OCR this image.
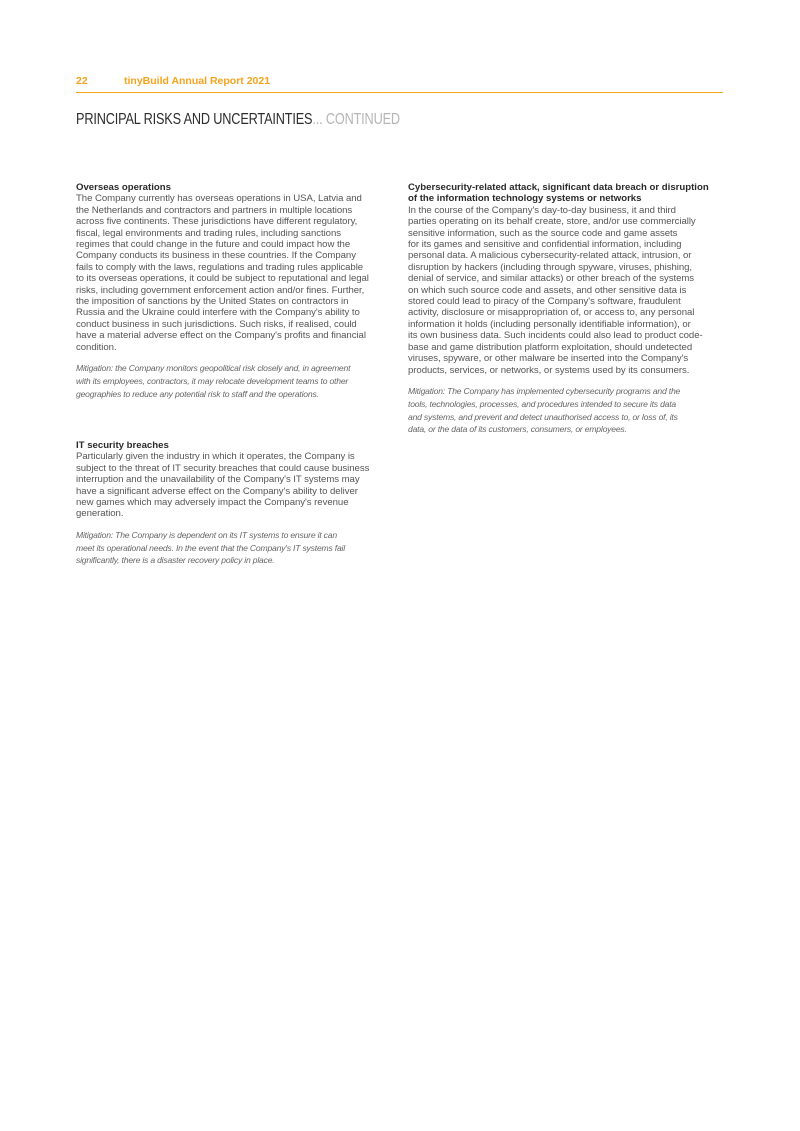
22	tinyBuild Annual Report 2021
PRINCIPAL RISKS AND UNCERTAINTIES... CONTINUED
Overseas operations
The Company currently has overseas operations in USA, Latvia and
the Netherlands and contractors and partners in multiple locations
across five continents. These jurisdictions have different regulatory,
fiscal, legal environments and trading rules, including sanctions
regimes that could change in the future and could impact how the
Company conducts its business in these countries. If the Company
fails to comply with the laws, regulations and trading rules applicable
to its overseas operations, it could be subject to reputational and legal
risks, including government enforcement action and/or fines. Further,
the imposition of sanctions by the United States on contractors in
Russia and the Ukraine could interfere with the Company's ability to
conduct business in such jurisdictions. Such risks, if realised, could
have a material adverse effect on the Company's profits and financial
condition.
Mitigation: the Company monitors geopolitical risk closely and, in agreement
with its employees, contractors, it may relocate development teams to other
geographies to reduce any potential risk to staff and the operations.
IT security breaches
Particularly given the industry in which it operates, the Company is
subject to the threat of IT security breaches that could cause business
interruption and the unavailability of the Company's IT systems may
have a significant adverse effect on the Company's ability to deliver
new games which may adversely impact the Company's revenue
generation.
Mitigation: The Company is dependent on its IT systems to ensure it can
meet its operational needs. In the event that the Company's IT systems fail
significantly, there is a disaster recovery policy in place.
Cybersecurity-related attack, significant data breach or disruption
of the information technology systems or networks
In the course of the Company's day-to-day business, it and third
parties operating on its behalf create, store, and/or use commercially
sensitive information, such as the source code and game assets
for its games and sensitive and confidential information, including
personal data. A malicious cybersecurity-related attack, intrusion, or
disruption by hackers (including through spyware, viruses, phishing,
denial of service, and similar attacks) or other breach of the systems
on which such source code and assets, and other sensitive data is
stored could lead to piracy of the Company's software, fraudulent
activity, disclosure or misappropriation of, or access to, any personal
information it holds (including personally identifiable information), or
its own business data. Such incidents could also lead to product code-
base and game distribution platform exploitation, should undetected
viruses, spyware, or other malware be inserted into the Company's
products, services, or networks, or systems used by its consumers.
Mitigation: The Company has implemented cybersecurity programs and the
tools, technologies, processes, and procedures intended to secure its data
and systems, and prevent and detect unauthorised access to, or loss of, its
data, or the data of its customers, consumers, or employees.
